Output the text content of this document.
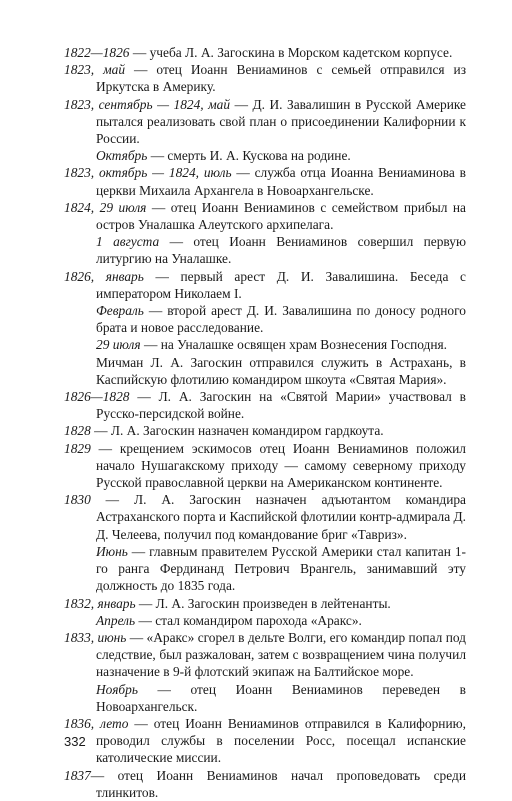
1822—1826 — учеба Л. А. Загоскина в Морском кадетском корпусе.

1823, май — отец Иоанн Вениаминов с семьей отправился из Иркутска в Америку.

1823, сентябрь — 1824, май — Д. И. Завалишин в Русской Америке пытался реализовать свой план о присоединении Калифорнии к России.

Октябрь — смерть И. А. Кускова на родине.

1823, октябрь — 1824, июль — служба отца Иоанна Вениаминова в церкви Михаила Архангела в Новоархангельске.

1824, 29 июля — отец Иоанн Вениаминов с семейством прибыл на остров Уналашка Алеутского архипелага.

1 августа — отец Иоанн Вениаминов совершил первую литургию на Уналашке.

1826, январь — первый арест Д. И. Завалишина. Беседа с императором Николаем I.

Февраль — второй арест Д. И. Завалишина по доносу родного брата и новое расследование.

29 июля — на Уналашке освящен храм Вознесения Господня.

Мичман Л. А. Загоскин отправился служить в Астрахань, в Каспийскую флотилию командиром шкоута «Святая Мария».

1826—1828 — Л. А. Загоскин на «Святой Марии» участвовал в Русско-персидской войне.

1828 — Л. А. Загоскин назначен командиром гардкоута.

1829 — крещением эскимосов отец Иоанн Вениаминов положил начало Нушагакскому приходу — самому северному приходу Русской православной церкви на Американском континенте.

1830 — Л. А. Загоскин назначен адъютантом командира Астраханского порта и Каспийской флотилии контр-адмирала Д. Д. Челеева, получил под командование бриг «Тавриз».

Июнь — главным правителем Русской Америки стал капитан 1-го ранга Фердинанд Петрович Врангель, занимавший эту должность до 1835 года.

1832, январь — Л. А. Загоскин произведен в лейтенанты.

Апрель — стал командиром парохода «Аракс».

1833, июнь — «Аракс» сгорел в дельте Волги, его командир попал под следствие, был разжалован, затем с возвращением чина получил назначение в 9-й флотский экипаж на Балтийское море.

Ноябрь — отец Иоанн Вениаминов переведен в Новоархангельск.

1836, лето — отец Иоанн Вениаминов отправился в Калифорнию, проводил службы в поселении Росс, посещал испанские католические миссии.

1837— отец Иоанн Вениаминов начал проповедовать среди тлинкитов.

332
